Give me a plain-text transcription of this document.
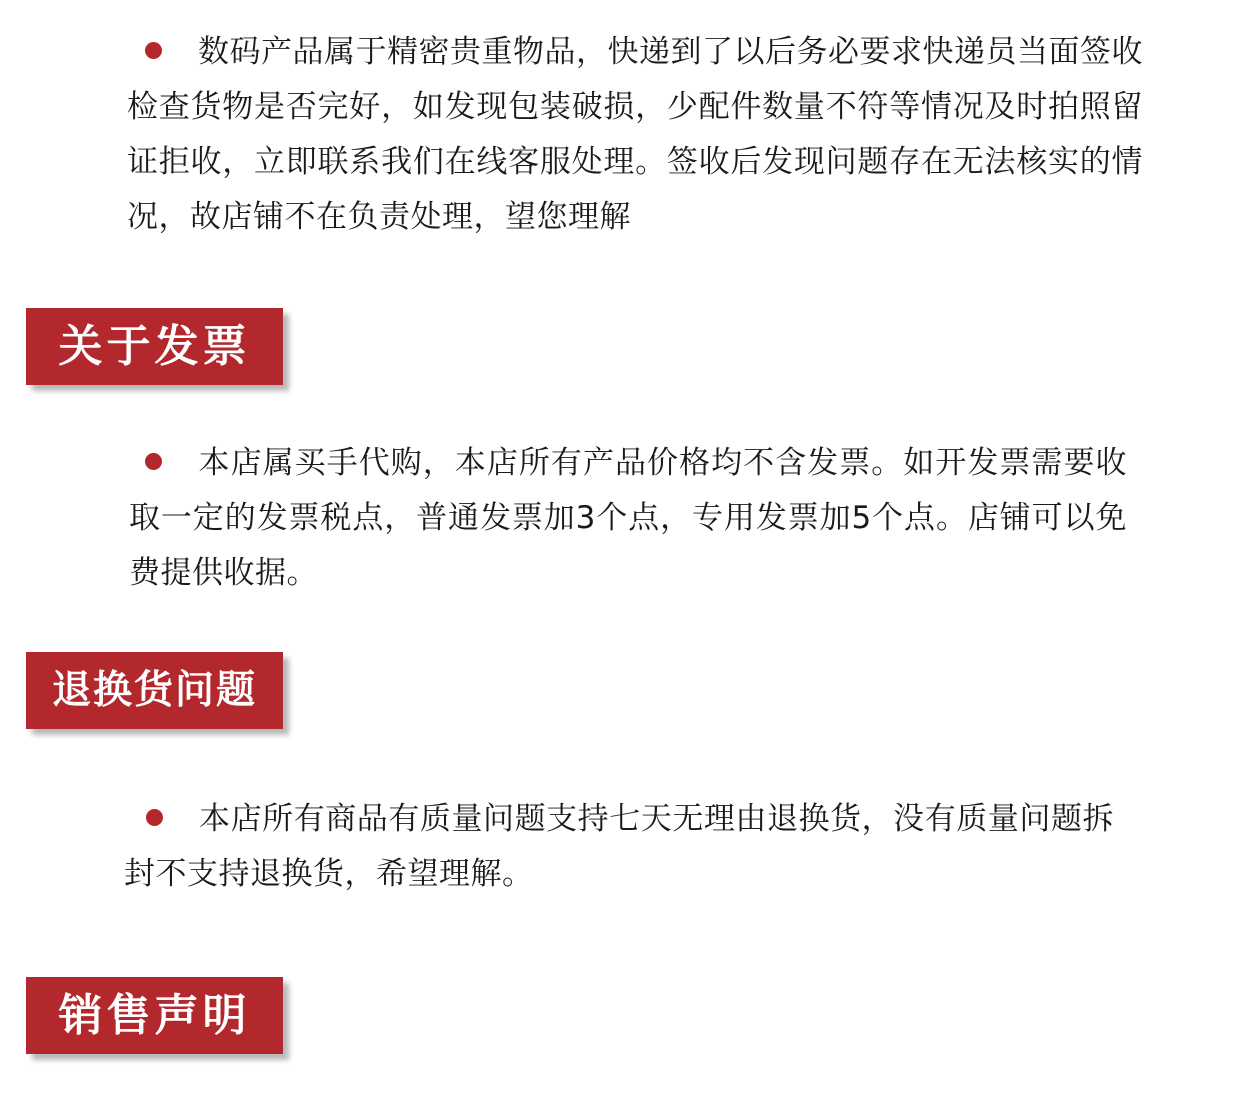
数码产品属于精密贵重物品，快递到了以后务必要求快递员当面签收检查货物是否完好，如发现包装破损，少配件数量不符等情况及时拍照留证拒收，立即联系我们在线客服处理。签收后发现问题存在无法核实的情况，故店铺不在负责处理，望您理解

关于发票

本店属买手代购，本店所有产品价格均不含发票。如开发票需要收取一定的发票税点，普通发票加3个点，专用发票加5个点。店铺可以免费提供收据。

退换货问题

本店所有商品有质量问题支持七天无理由退换货，没有质量问题拆封不支持退换货，希望理解。

销售声明
